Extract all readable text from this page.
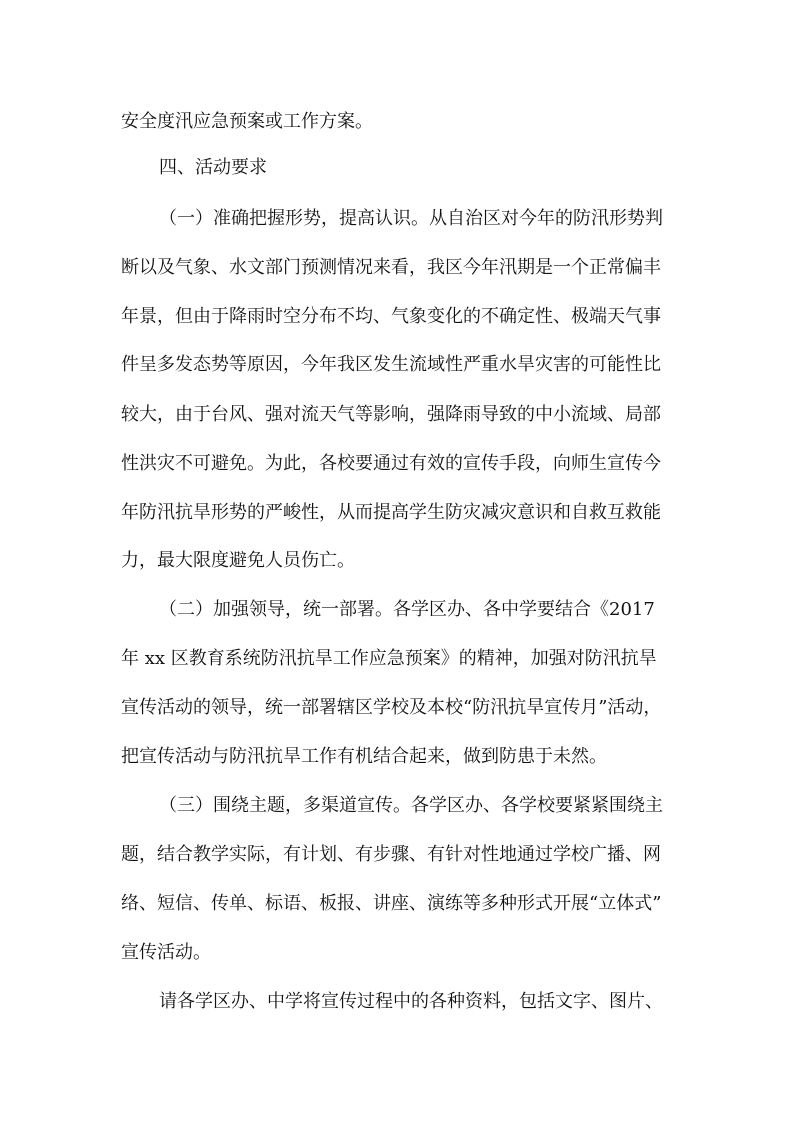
安全度汛应急预案或工作方案。
四、活动要求
（一）准确把握形势，提高认识。从自治区对今年的防汛形势判
断以及气象、水文部门预测情况来看，我区今年汛期是一个正常偏丰
年景，但由于降雨时空分布不均、气象变化的不确定性、极端天气事
件呈多发态势等原因，今年我区发生流域性严重水旱灾害的可能性比
较大，由于台风、强对流天气等影响，强降雨导致的中小流域、局部
性洪灾不可避免。为此，各校要通过有效的宣传手段，向师生宣传今
年防汛抗旱形势的严峻性，从而提高学生防灾减灾意识和自救互救能
力，最大限度避免人员伤亡。
（二）加强领导，统一部署。各学区办、各中学要结合《2017
年 xx 区教育系统防汛抗旱工作应急预案》的精神，加强对防汛抗旱
宣传活动的领导，统一部署辖区学校及本校“防汛抗旱宣传月”活动，
把宣传活动与防汛抗旱工作有机结合起来，做到防患于未然。
（三）围绕主题，多渠道宣传。各学区办、各学校要紧紧围绕主
题，结合教学实际，有计划、有步骤、有针对性地通过学校广播、网
络、短信、传单、标语、板报、讲座、演练等多种形式开展“立体式”
宣传活动。
请各学区办、中学将宣传过程中的各种资料，包括文字、图片、
